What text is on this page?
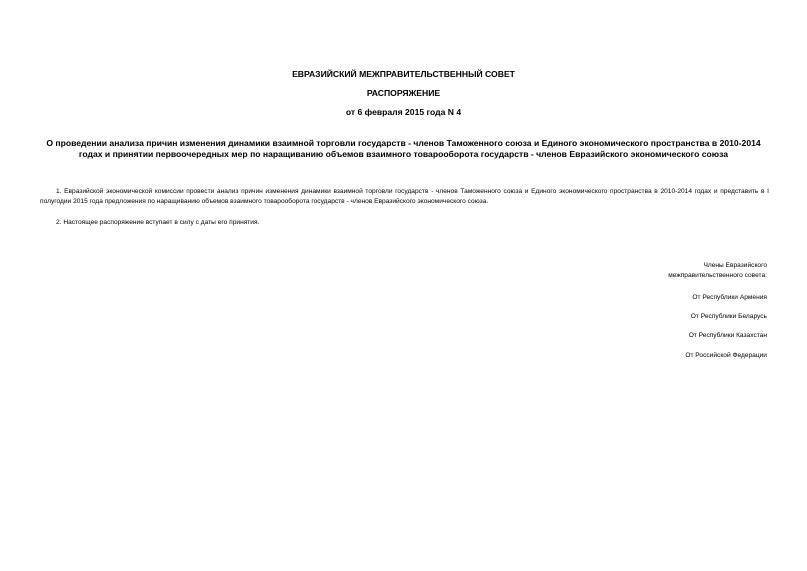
ЕВРАЗИЙСКИЙ МЕЖПРАВИТЕЛЬСТВЕННЫЙ СОВЕТ
РАСПОРЯЖЕНИЕ
от 6 февраля 2015 года N 4
О проведении анализа причин изменения динамики взаимной торговли государств - членов Таможенного союза и Единого экономического пространства в 2010-2014 годах и принятии первоочередных мер по наращиванию объемов взаимного товарооборота государств - членов Евразийского экономического союза
1. Евразийской экономической комиссии провести анализ причин изменения динамики взаимной торговли государств - членов Таможенного союза и Единого экономического пространства в 2010-2014 годах и представить в I полугодии 2015 года предложения по наращиванию объемов взаимного товарооборота государств - членов Евразийского экономического союза.
2. Настоящее распоряжение вступает в силу с даты его принятия.
Члены Евразийского
межправительственного совета:
От Республики Армения
От Республики Беларусь
От Республики Казахстан
От Российской Федерации
